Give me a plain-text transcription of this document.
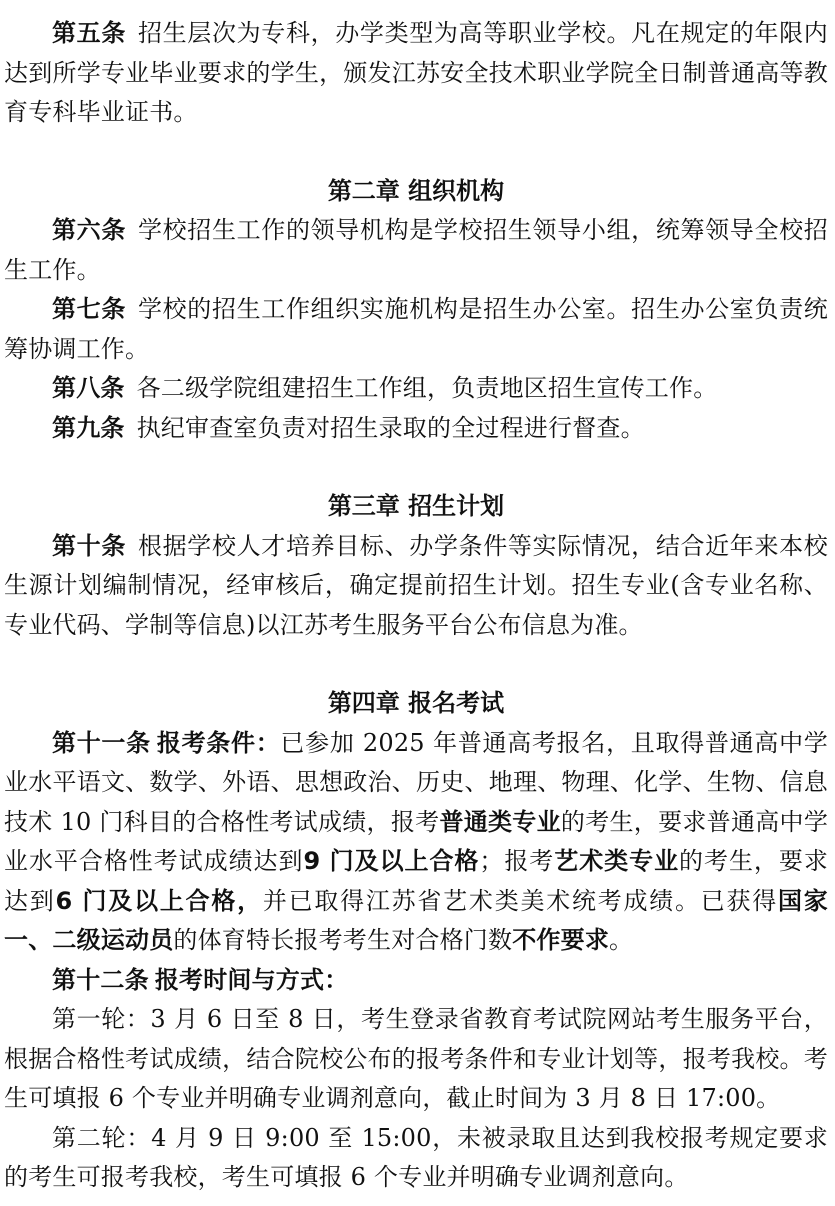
第五条 招生层次为专科，办学类型为高等职业学校。凡在规定的年限内达到所学专业毕业要求的学生，颁发江苏安全技术职业学院全日制普通高等教育专科毕业证书。

第二章 组织机构

第六条 学校招生工作的领导机构是学校招生领导小组，统筹领导全校招生工作。

第七条 学校的招生工作组织实施机构是招生办公室。招生办公室负责统筹协调工作。

第八条 各二级学院组建招生工作组，负责地区招生宣传工作。

第九条 执纪审查室负责对招生录取的全过程进行督查。

第三章 招生计划

第十条 根据学校人才培养目标、办学条件等实际情况，结合近年来本校生源计划编制情况，经审核后，确定提前招生计划。招生专业(含专业名称、专业代码、学制等信息)以江苏考生服务平台公布信息为准。

第四章 报名考试

第十一条 报考条件：已参加 2025 年普通高考报名，且取得普通高中学业水平语文、数学、外语、思想政治、历史、地理、物理、化学、生物、信息技术 10 门科目的合格性考试成绩，报考普通类专业的考生，要求普通高中学业水平合格性考试成绩达到9 门及以上合格；报考艺术类专业的考生，要求达到6 门及以上合格，并已取得江苏省艺术类美术统考成绩。已获得国家一、二级运动员的体育特长报考考生对合格门数不作要求。

第十二条 报考时间与方式：

第一轮：3 月 6 日至 8 日，考生登录省教育考试院网站考生服务平台，根据合格性考试成绩，结合院校公布的报考条件和专业计划等，报考我校。考生可填报 6 个专业并明确专业调剂意向，截止时间为 3 月 8 日 17:00。

第二轮：4 月 9 日 9:00 至 15:00，未被录取且达到我校报考规定要求的考生可报考我校，考生可填报 6 个专业并明确专业调剂意向。
